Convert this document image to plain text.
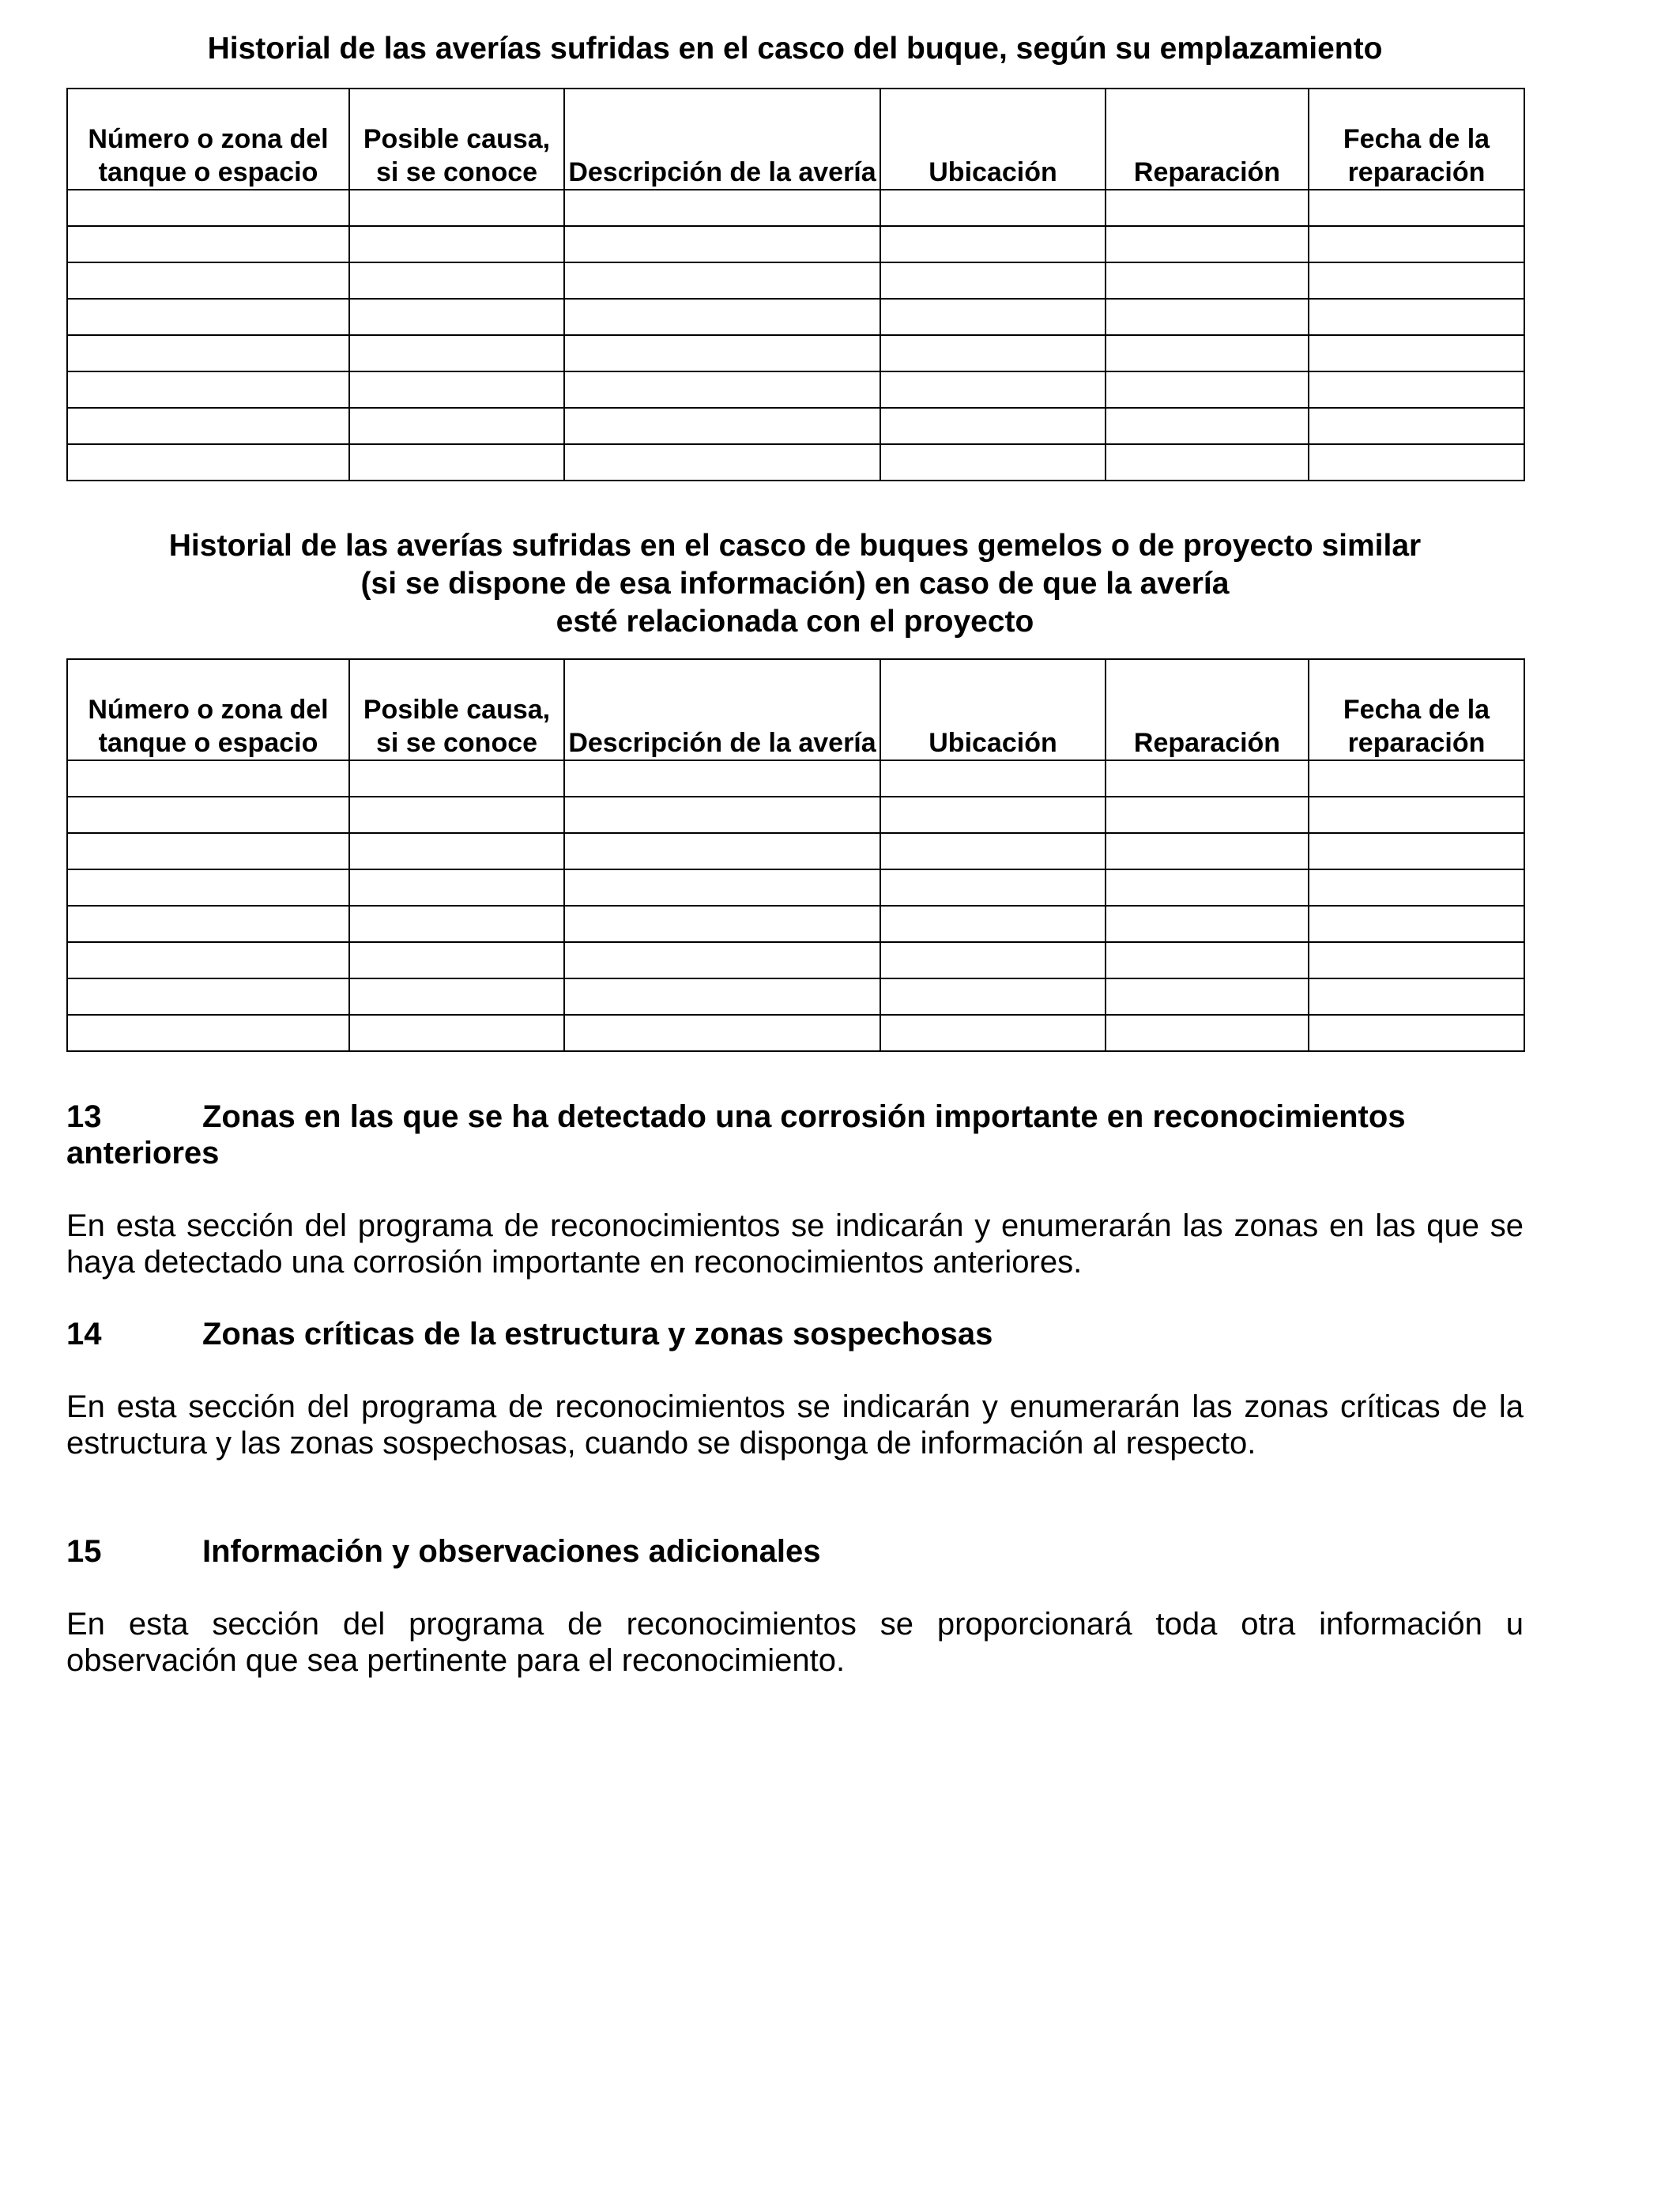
Historial de las averías sufridas en el casco del buque, según su emplazamiento
Número o zona del tanque o espacio	Posible causa, si se conoce	Descripción de la avería	Ubicación	Reparación	Fecha de la reparación

Historial de las averías sufridas en el casco de buques gemelos o de proyecto similar
(si se dispone de esa información) en caso de que la avería
esté relacionada con el proyecto
Número o zona del tanque o espacio	Posible causa, si se conoce	Descripción de la avería	Ubicación	Reparación	Fecha de la reparación

13	Zonas en las que se ha detectado una corrosión importante en reconocimientos anteriores

En esta sección del programa de reconocimientos se indicarán y enumerarán las zonas en las que se haya detectado una corrosión importante en reconocimientos anteriores.

14	Zonas críticas de la estructura y zonas sospechosas

En esta sección del programa de reconocimientos se indicarán y enumerarán las zonas críticas de la estructura y las zonas sospechosas, cuando se disponga de información al respecto.

15	Información y observaciones adicionales

En esta sección del programa de reconocimientos se proporcionará toda otra información u observación que sea pertinente para el reconocimiento.
